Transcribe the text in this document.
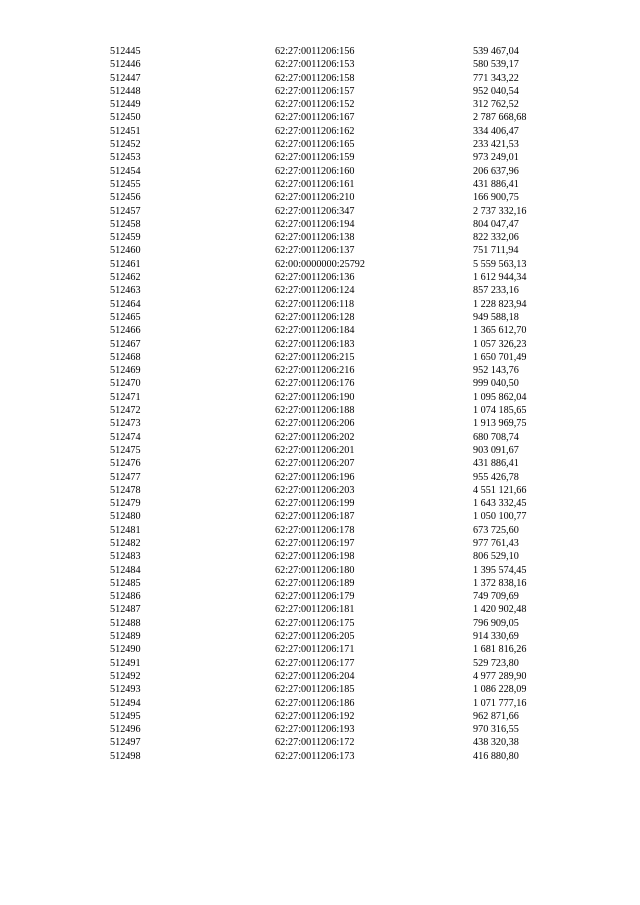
512445	62:27:0011206:156	539 467,04
512446	62:27:0011206:153	580 539,17
512447	62:27:0011206:158	771 343,22
512448	62:27:0011206:157	952 040,54
512449	62:27:0011206:152	312 762,52
512450	62:27:0011206:167	2 787 668,68
512451	62:27:0011206:162	334 406,47
512452	62:27:0011206:165	233 421,53
512453	62:27:0011206:159	973 249,01
512454	62:27:0011206:160	206 637,96
512455	62:27:0011206:161	431 886,41
512456	62:27:0011206:210	166 900,75
512457	62:27:0011206:347	2 737 332,16
512458	62:27:0011206:194	804 047,47
512459	62:27:0011206:138	822 332,06
512460	62:27:0011206:137	751 711,94
512461	62:00:0000000:25792	5 559 563,13
512462	62:27:0011206:136	1 612 944,34
512463	62:27:0011206:124	857 233,16
512464	62:27:0011206:118	1 228 823,94
512465	62:27:0011206:128	949 588,18
512466	62:27:0011206:184	1 365 612,70
512467	62:27:0011206:183	1 057 326,23
512468	62:27:0011206:215	1 650 701,49
512469	62:27:0011206:216	952 143,76
512470	62:27:0011206:176	999 040,50
512471	62:27:0011206:190	1 095 862,04
512472	62:27:0011206:188	1 074 185,65
512473	62:27:0011206:206	1 913 969,75
512474	62:27:0011206:202	680 708,74
512475	62:27:0011206:201	903 091,67
512476	62:27:0011206:207	431 886,41
512477	62:27:0011206:196	955 426,78
512478	62:27:0011206:203	4 551 121,66
512479	62:27:0011206:199	1 643 332,45
512480	62:27:0011206:187	1 050 100,77
512481	62:27:0011206:178	673 725,60
512482	62:27:0011206:197	977 761,43
512483	62:27:0011206:198	806 529,10
512484	62:27:0011206:180	1 395 574,45
512485	62:27:0011206:189	1 372 838,16
512486	62:27:0011206:179	749 709,69
512487	62:27:0011206:181	1 420 902,48
512488	62:27:0011206:175	796 909,05
512489	62:27:0011206:205	914 330,69
512490	62:27:0011206:171	1 681 816,26
512491	62:27:0011206:177	529 723,80
512492	62:27:0011206:204	4 977 289,90
512493	62:27:0011206:185	1 086 228,09
512494	62:27:0011206:186	1 071 777,16
512495	62:27:0011206:192	962 871,66
512496	62:27:0011206:193	970 316,55
512497	62:27:0011206:172	438 320,38
512498	62:27:0011206:173	416 880,80
